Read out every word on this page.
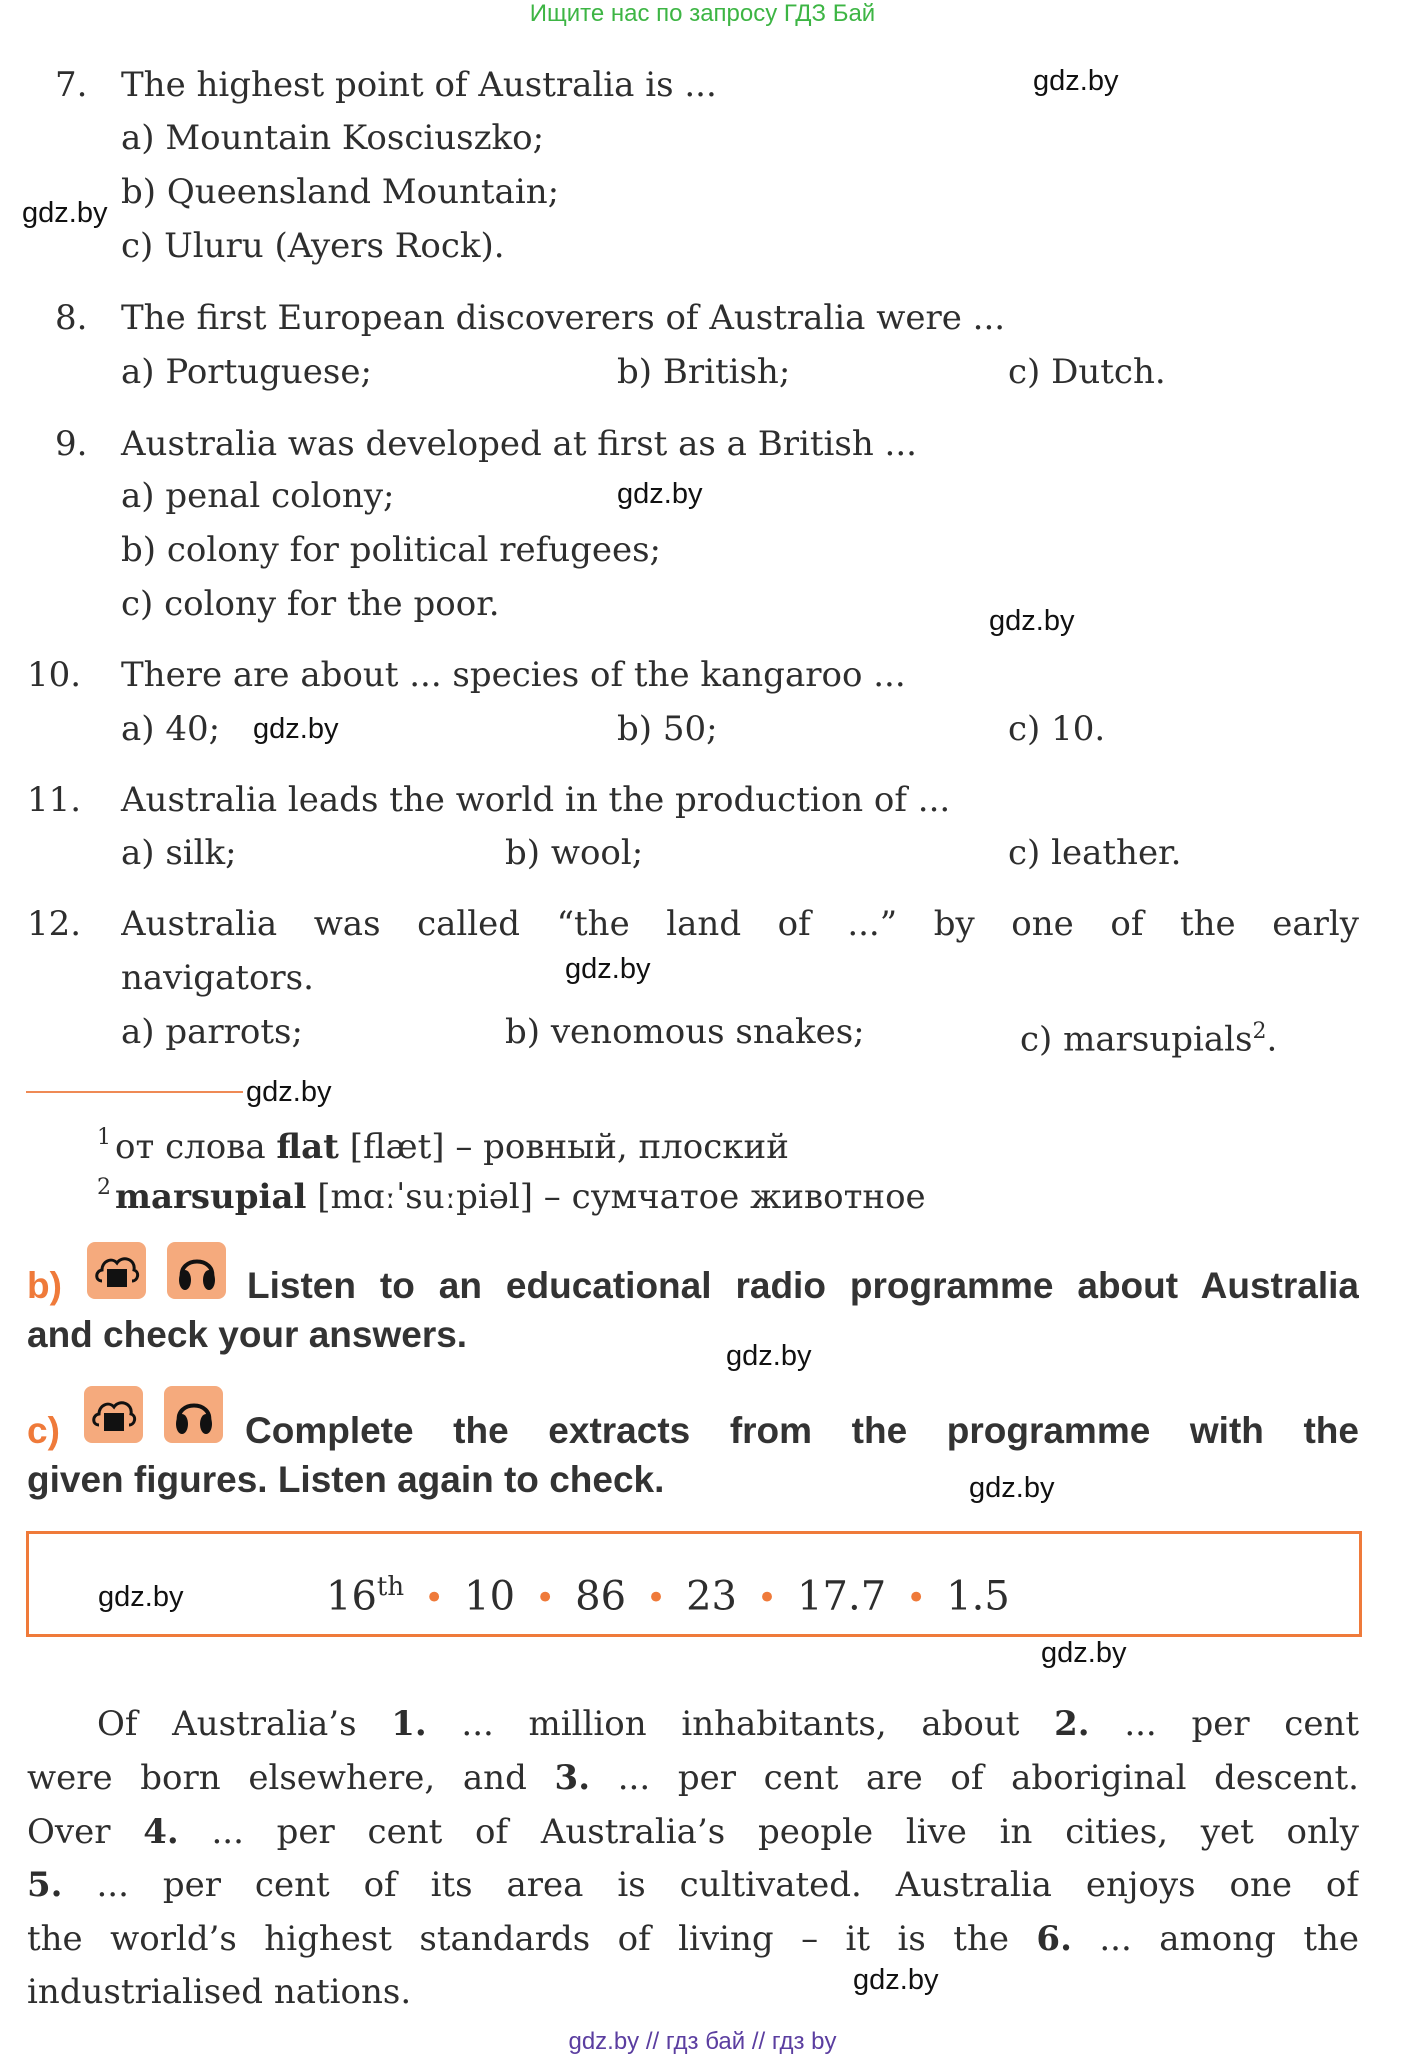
Ищите нас по запросу ГДЗ Бай
7. The highest point of Australia is ...
a) Mountain Kosciuszko;
b) Queensland Mountain;
c) Uluru (Ayers Rock).
8. The first European discoverers of Australia were ...
a) Portuguese;	b) British;	c) Dutch.
9. Australia was developed at first as a British ...
a) penal colony;
b) colony for political refugees;
c) colony for the poor.
10.	There are about ... species of the kangaroo ...
a) 40;	b) 50;	c) 10.
11.	Australia leads the world in the production of ...
a) silk;	b) wool;	c) leather.
12.	Australia was called “the land of ...” by one of the early
navigators.
a) parrots;	b) venomous snakes;	c) marsupials$^2$.
$^1$ от слова flat [flæt] – ровный, плоский
$^2$ marsupial [mɑːˈsuːpiəl] – сумчатое животное
b)	Listen to an educational radio programme about Australia
and check your answers.
c)	Complete the extracts from the programme with the
given figures. Listen again to check.
16th • 10 • 86 • 23 • 17.7 • 1.5
Of Australia’s 1. ... million inhabitants, about 2. ... per cent
were born elsewhere, and 3. ... per cent are of aboriginal descent.
Over 4. ... per cent of Australia’s people live in cities, yet only
5. ... per cent of its area is cultivated. Australia enjoys one of
the world’s highest standards of living – it is the 6. ... among the
industrialised nations.
gdz.by
gdz.by
gdz.by
gdz.by
gdz.by
gdz.by
gdz.by
gdz.by
gdz.by
gdz.by
gdz.by
gdz.by
gdz.by // гдз бай // гдз by
